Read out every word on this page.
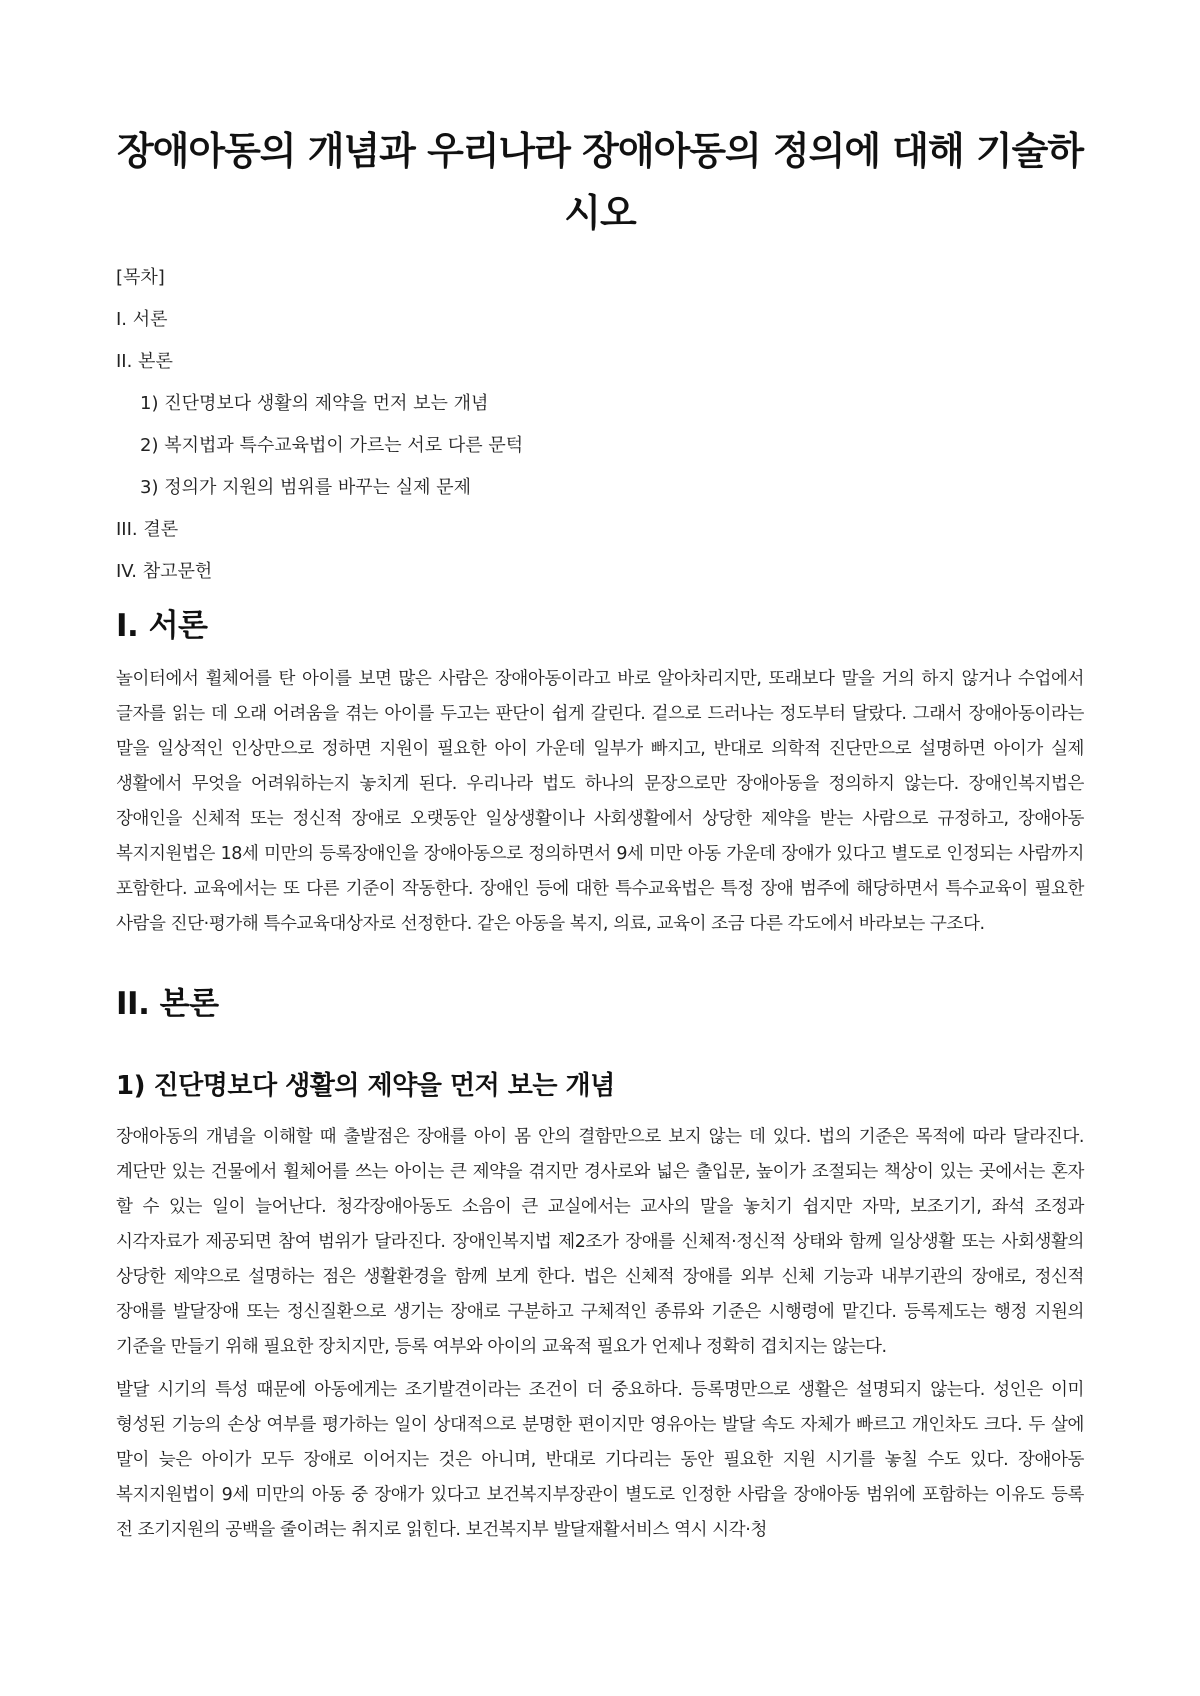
장애아동의 개념과 우리나라 장애아동의 정의에 대해 기술하시오
[목차]
I. 서론
II. 본론
1) 진단명보다 생활의 제약을 먼저 보는 개념
2) 복지법과 특수교육법이 가르는 서로 다른 문턱
3) 정의가 지원의 범위를 바꾸는 실제 문제
III. 결론
IV. 참고문헌
I. 서론

놀이터에서 휠체어를 탄 아이를 보면 많은 사람은 장애아동이라고 바로 알아차리지만, 또래보다 말을 거의 하지 않거나 수업에서 글자를 읽는 데 오래 어려움을 겪는 아이를 두고는 판단이 쉽게 갈린다. 겉으로 드러나는 정도부터 달랐다. 그래서 장애아동이라는 말을 일상적인 인상만으로 정하면 지원이 필요한 아이 가운데 일부가 빠지고, 반대로 의학적 진단만으로 설명하면 아이가 실제 생활에서 무엇을 어려워하는지 놓치게 된다. 우리나라 법도 하나의 문장으로만 장애아동을 정의하지 않는다. 장애인복지법은 장애인을 신체적 또는 정신적 장애로 오랫동안 일상생활이나 사회생활에서 상당한 제약을 받는 사람으로 규정하고, 장애아동 복지지원법은 18세 미만의 등록장애인을 장애아동으로 정의하면서 9세 미만 아동 가운데 장애가 있다고 별도로 인정되는 사람까지 포함한다. 교육에서는 또 다른 기준이 작동한다. 장애인 등에 대한 특수교육법은 특정 장애 범주에 해당하면서 특수교육이 필요한 사람을 진단·평가해 특수교육대상자로 선정한다. 같은 아동을 복지, 의료, 교육이 조금 다른 각도에서 바라보는 구조다.

II. 본론
1) 진단명보다 생활의 제약을 먼저 보는 개념

장애아동의 개념을 이해할 때 출발점은 장애를 아이 몸 안의 결함만으로 보지 않는 데 있다. 법의 기준은 목적에 따라 달라진다. 계단만 있는 건물에서 휠체어를 쓰는 아이는 큰 제약을 겪지만 경사로와 넓은 출입문, 높이가 조절되는 책상이 있는 곳에서는 혼자 할 수 있는 일이 늘어난다. 청각장애아동도 소음이 큰 교실에서는 교사의 말을 놓치기 쉽지만 자막, 보조기기, 좌석 조정과 시각자료가 제공되면 참여 범위가 달라진다. 장애인복지법 제2조가 장애를 신체적·정신적 상태와 함께 일상생활 또는 사회생활의 상당한 제약으로 설명하는 점은 생활환경을 함께 보게 한다. 법은 신체적 장애를 외부 신체 기능과 내부기관의 장애로, 정신적 장애를 발달장애 또는 정신질환으로 생기는 장애로 구분하고 구체적인 종류와 기준은 시행령에 맡긴다. 등록제도는 행정 지원의 기준을 만들기 위해 필요한 장치지만, 등록 여부와 아이의 교육적 필요가 언제나 정확히 겹치지는 않는다.

발달 시기의 특성 때문에 아동에게는 조기발견이라는 조건이 더 중요하다. 등록명만으로 생활은 설명되지 않는다. 성인은 이미 형성된 기능의 손상 여부를 평가하는 일이 상대적으로 분명한 편이지만 영유아는 발달 속도 자체가 빠르고 개인차도 크다. 두 살에 말이 늦은 아이가 모두 장애로 이어지는 것은 아니며, 반대로 기다리는 동안 필요한 지원 시기를 놓칠 수도 있다. 장애아동 복지지원법이 9세 미만의 아동 중 장애가 있다고 보건복지부장관이 별도로 인정한 사람을 장애아동 범위에 포함하는 이유도 등록 전 조기지원의 공백을 줄이려는 취지로 읽힌다. 보건복지부 발달재활서비스 역시 시각·청
